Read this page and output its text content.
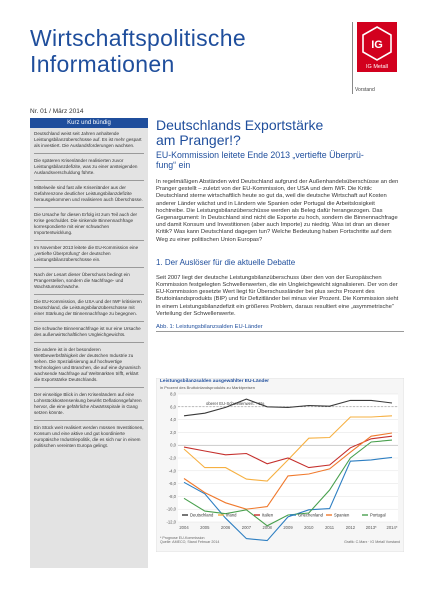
Wirtschaftspolitische
Informationen
IG
IG Metall
Vorstand
Nr. 01 / März 2014
Kurz und bündig

Deutschland weist seit Jahren anhaltende Leistungsbilanzüberschüsse auf. Es ist mehr gespart als investiert. Die Auslandsforderungen wachsen.

Die späteren Krisenländer realisierten zuvor Leistungsbilanzdefizite, was zu einer ansteigenden Auslandsverschuldung führte.

Mittelweile sind fast alle Krisenländer aus der Gefahrenzone deutlicher Leistungsbilanzdefizite herausgekommen und realisieren auch Überschüsse.

Die Ursache für diesen Erfolg ist zum Teil auch der Krise geschuldet. Die sinkende Binnennachfrage korrespondierte mit einer schwachen Importentwicklung.

Im November 2013 leitete die EU-Kommission eine „vertiefte Überprüfung“ der deutschen Leistungsbilanzüberschüsse ein.

Nach der Lesart dieser Überschuss bedingt ein Prangerstellen, sondern die Nachfrage- und Wachstumsschwäche.

Die EU-Kommission, die USA und der IWF kritisieren Deutschland, die Leistungsbilanzüberschüsse mit einer Stärkung der Binnennachfrage zu begegnen.

Die schwache Binnennachfrage ist nur eine Ursache des außenwirtschaftlichen Ungleichgewichts.

Die andere ist in der besonderen Wettbewerbsfähigkeit der deutschen Industrie zu sehen. Die Spezialisierung auf hochwertige Technologien und Branchen, die auf eine dynamisch wachsende Nachfrage auf Weltmärkten trifft, erklärt die Exportstärke Deutschlands.

Der einseitige Blick in den Krisenländern auf eine Lohnstückkostensenkung bewirkt Deflationsgefahren hervor, die eine gefährliche Abwärtsspirale in Gang setzen könnte.

Ein Stück weit realisiert werden müssen Investitionen, Konsum und eine aktive und gut koordinierte europäische Industriepolitik, die es sich nur in einem politischen vereinten Europa gelingt.

Deutschlands Exportstärke
am Pranger!?
EU-Kommission leitete Ende 2013 „vertiefte Überprü-
fung“ ein

In regelmäßigen Abständen wird Deutschland aufgrund der Außenhandelsüberschüsse an den Pranger gestellt – zuletzt von der EU-Kommission, der USA und dem IWF. Die Kritik: Deutschland sterne wirtschaftlich heute so gut da, weil die deutsche Wirtschaft auf Kosten anderer Länder wächst und in Ländern wie Spanien oder Portugal die Arbeitslosigkeit hochtreibe. Die Leistungsbilanzüberschüsse werden als Beleg dafür herangezogen. Das Gegenargument: In Deutschland sind nicht die Exporte zu hoch, sondern die Binnennachfrage und damit Konsum und Investitionen (aber auch Importe) zu niedrig. Was ist dran an dieser Kritik? Was kann Deutschland dagegen tun? Welche Bedeutung haben Fortschritte auf dem Weg zu einer politischen Union Europas?

1. Der Auslöser für die aktuelle Debatte

Seit 2007 liegt der deutsche Leistungsbilanzüberschuss über den von der Europäischen Kommission festgelegten Schwellenwerten, die ein Ungleichgewicht signalisieren. Der von der EU-Kommission gesetzte Wert liegt für Überschussländer bei plus sechs Prozent des Bruttoinlandsprodukts (BIP) und für Defizitländer bei minus vier Prozent. Die Kommission sieht in einem Leistungsbilanzdefizit ein größeres Problem, daraus resultiert eine „asymmetrische“ Verteilung der Schwellenwerte.

Abb. 1: Leistungsbilanzsalden EU-Länder
8,0
6,0
4,0
2,0
0,0
-2,0
-4,0
-6,0
-8,0
-10,0
-12,0
oberer EU-Schwellenwert: +6%
2004	2005	2006	2007	2008	2009	2010	2011	2012	2013* 2014*
Deutschland	Irland	Italien	Griechenland	Spanien	Portugal
Leistungsbilanzsalden ausgewählter EU-Länder
in Prozent des Bruttoinlandsprodukts zu Marktpreisen
* Prognose EU-Kommission
Quelle: AMECO, Stand Februar 2014	Grafik: C.Marx · IG Metall Vorstand
